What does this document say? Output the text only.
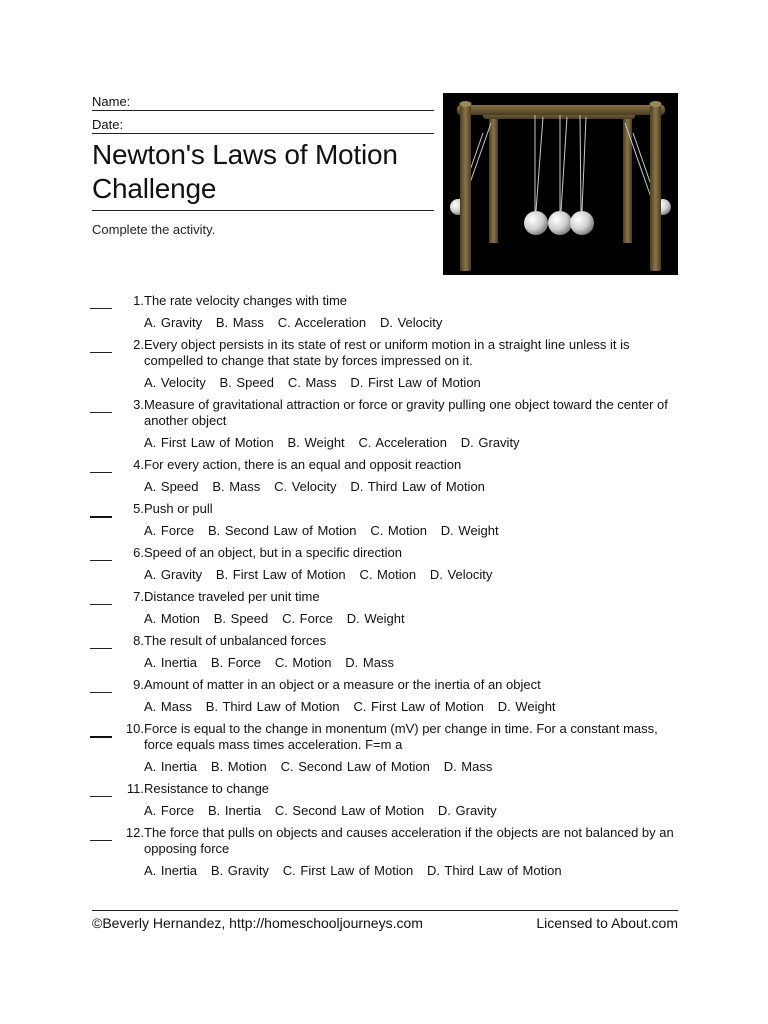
Name:
Date:
Newton's Laws of Motion
Challenge
Complete the activity.
1. The rate velocity changes with time
A. Gravity   B. Mass   C. Acceleration   D. Velocity
2. Every object persists in its state of rest or uniform motion in a straight line unless it is compelled to change that state by forces impressed on it.
A. Velocity   B. Speed   C. Mass   D. First Law of Motion
3. Measure of gravitational attraction or force or gravity pulling one object toward the center of another object
A. First Law of Motion   B. Weight   C. Acceleration   D. Gravity
4. For every action, there is an equal and opposit reaction
A. Speed   B. Mass   C. Velocity   D. Third Law of Motion
5. Push or pull
A. Force   B. Second Law of Motion   C. Motion   D. Weight
6. Speed of an object, but in a specific direction
A. Gravity   B. First Law of Motion   C. Motion   D. Velocity
7. Distance traveled per unit time
A. Motion   B. Speed   C. Force   D. Weight
8. The result of unbalanced forces
A. Inertia   B. Force   C. Motion   D. Mass
9. Amount of matter in an object or a measure or the inertia of an object
A. Mass   B. Third Law of Motion   C. First Law of Motion   D. Weight
10. Force is equal to the change in monentum (mV) per change in time. For a constant mass, force equals mass times acceleration. F=m a
A. Inertia   B. Motion   C. Second Law of Motion   D. Mass
11. Resistance to change
A. Force   B. Inertia   C. Second Law of Motion   D. Gravity
12. The force that pulls on objects and causes acceleration if the objects are not balanced by an opposing force
A. Inertia   B. Gravity   C. First Law of Motion   D. Third Law of Motion
©Beverly Hernandez, http://homeschooljourneys.com	Licensed to About.com
